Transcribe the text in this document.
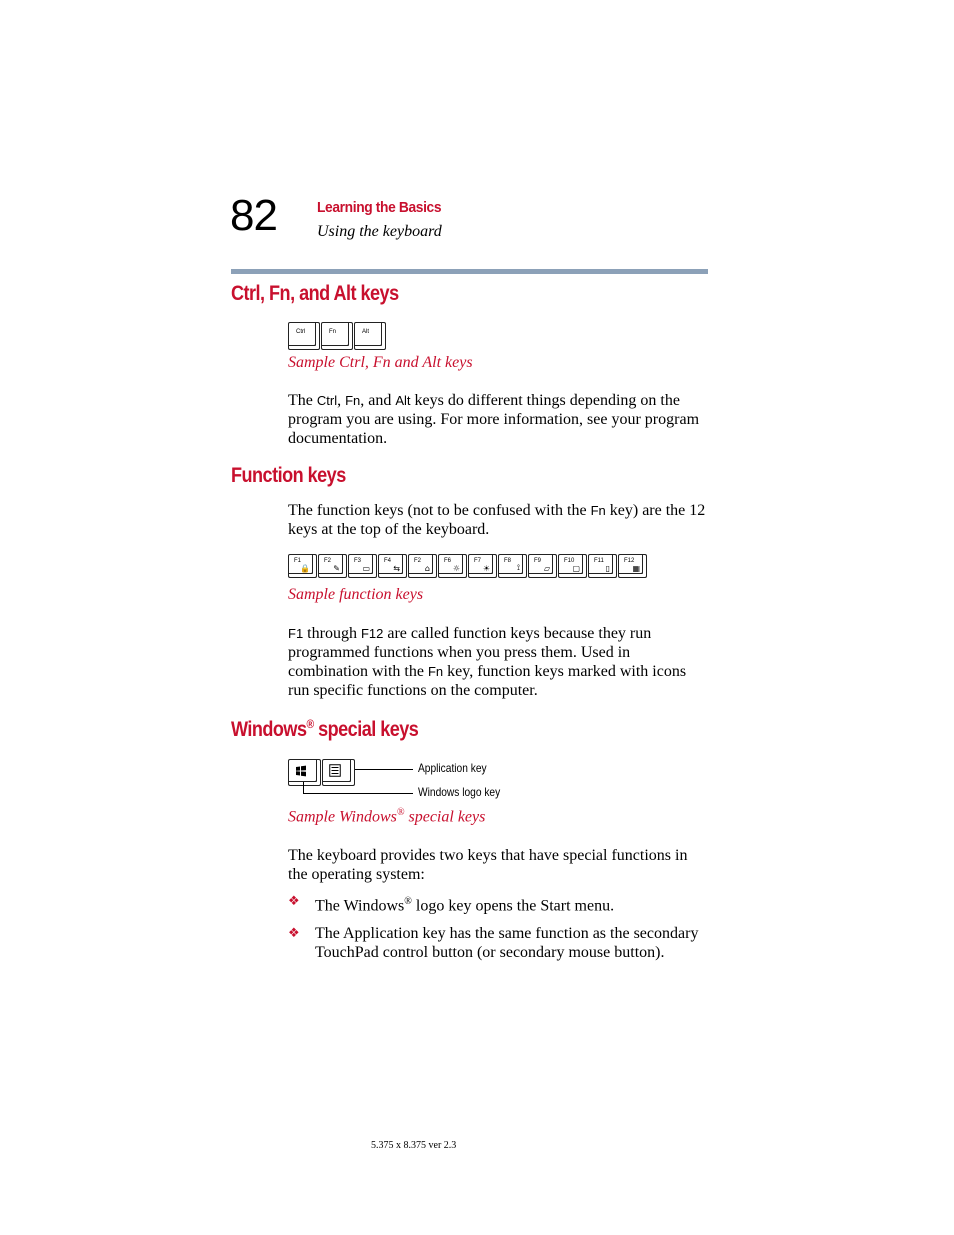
82	Learning the Basics
Using the keyboard
Ctrl, Fn, and Alt keys
Ctrl	Fn	Alt
Sample Ctrl, Fn and Alt keys
The Ctrl, Fn, and Alt keys do different things depending on the program you are using. For more information, see your program documentation.
Function keys
The function keys (not to be confused with the Fn key) are the 12 keys at the top of the keyboard.
F1
🔒
F2
✎
F3
▭
F4
⇆
F2
⌂
F6
☼
F7
☀
F8
⟟
F9
▱
F10
▢
F11
▯
F12
▦
Sample function keys
F1 through F12 are called function keys because they run programmed functions when you press them. Used in combination with the Fn key, function keys marked with icons run specific functions on the computer.
Windows® special keys
Application key
Windows logo key
Sample Windows® special keys
The keyboard provides two keys that have special functions in the operating system:
❖ The Windows® logo key opens the Start menu.
❖ The Application key has the same function as the secondary TouchPad control button (or secondary mouse button).
5.375 x 8.375 ver 2.3
